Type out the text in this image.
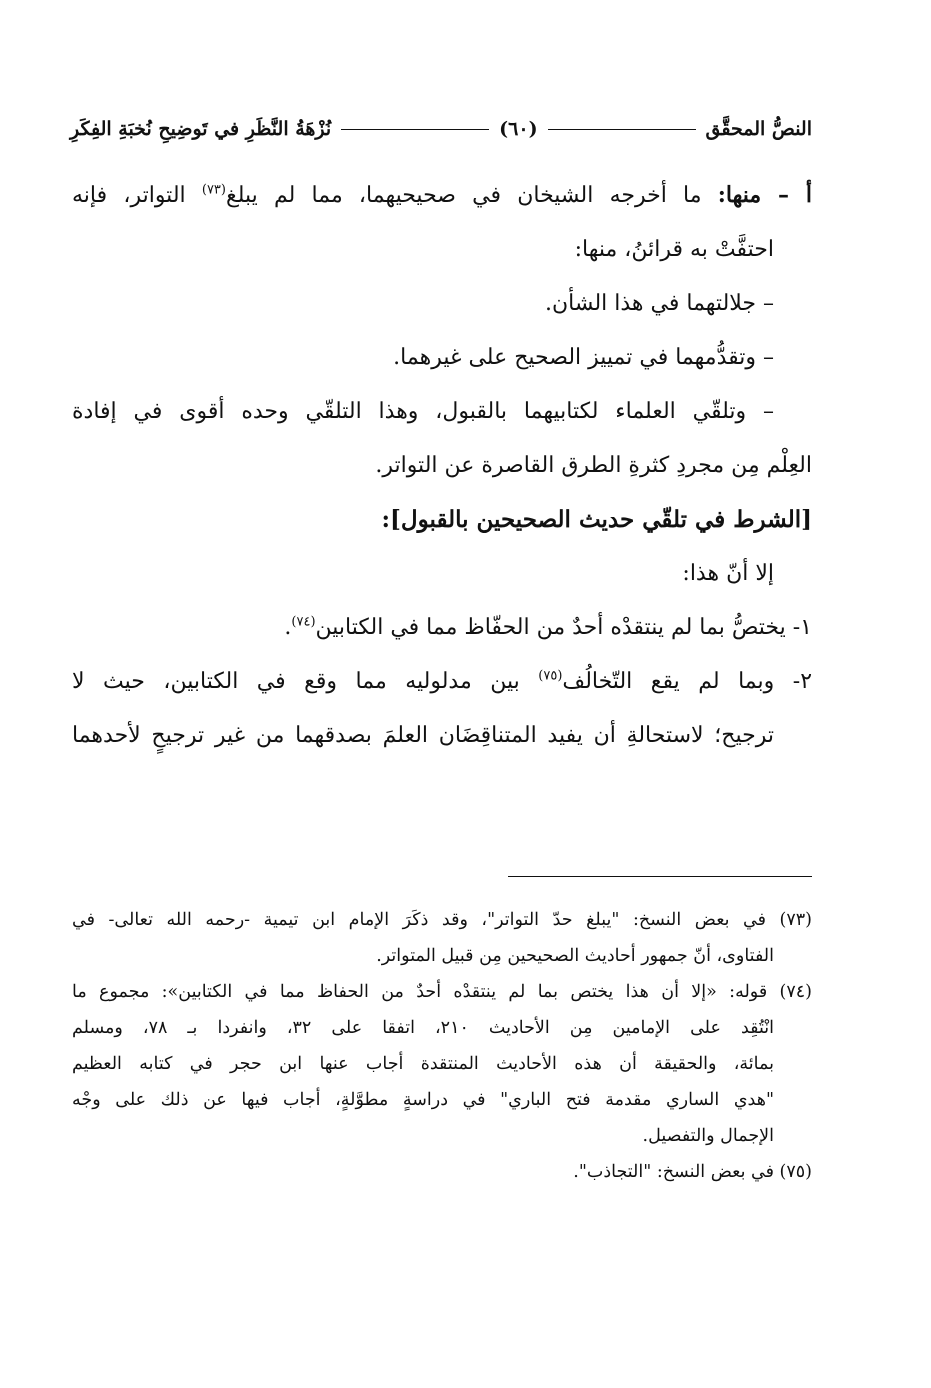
النصُّ المحقَّق
(٦٠)
نُزْهَةُ النَّظَرِ في تَوضِيحِ نُخبَةِ الفِكَرِ
أ – منها: ما أخرجه الشيخان في صحيحيهما، مما لم يبلغ$^{(٧٣)}$ التواتر، فإنه
احتفَّتْ به قرائنُ، منها:
– جلالتهما في هذا الشأن.
– وتقدُّمهما في تمييز الصحيح على غيرهما.
– وتلقّي العلماء لكتابيهما بالقبول، وهذا التلقّي وحده أقوى في إفادة
العِلْم مِن مجردِ كثرةِ الطرق القاصرة عن التواتر.
[الشرط في تلقّي حديث الصحيحين بالقبول]:
إلا أنّ هذا:
١- يختصُّ بما لم ينتقدْه أحدٌ من الحفّاظ مما في الكتابين$^{(٧٤)}$.
٢- وبما لم يقع التّخالُف$^{(٧٥)}$ بين مدلوليه مما وقع في الكتابين، حيث لا
ترجيح؛ لاستحالةِ أن يفيد المتناقِضَان العلمَ بصدقهما من غير ترجيحٍ لأحدهما
(٧٣) في بعض النسخ: "يبلغ حدّ التواتر"، وقد ذكَرَ الإمام ابن تيمية -رحمه الله تعالى- في
الفتاوى، أنّ جمهور أحاديث الصحيحين مِن قبيل المتواتر.
(٧٤) قوله: «إلا أن هذا يختص بما لم ينتقدْه أحدٌ من الحفاظ مما في الكتابين»: مجموع ما
انْتُقِد على الإمامين مِن الأحاديث ٢١٠، اتفقا على ٣٢، وانفردا بـ ٧٨، ومسلم
بمائة، والحقيقة أن هذه الأحاديث المنتقدة أجاب عنها ابن حجر في كتابه العظيم
"هدي الساري مقدمة فتح الباري" في دراسةٍ مطوَّلةٍ، أجاب فيها عن ذلك على وجْه
الإجمال والتفصيل.
(٧٥) في بعض النسخ: "التجاذب".
